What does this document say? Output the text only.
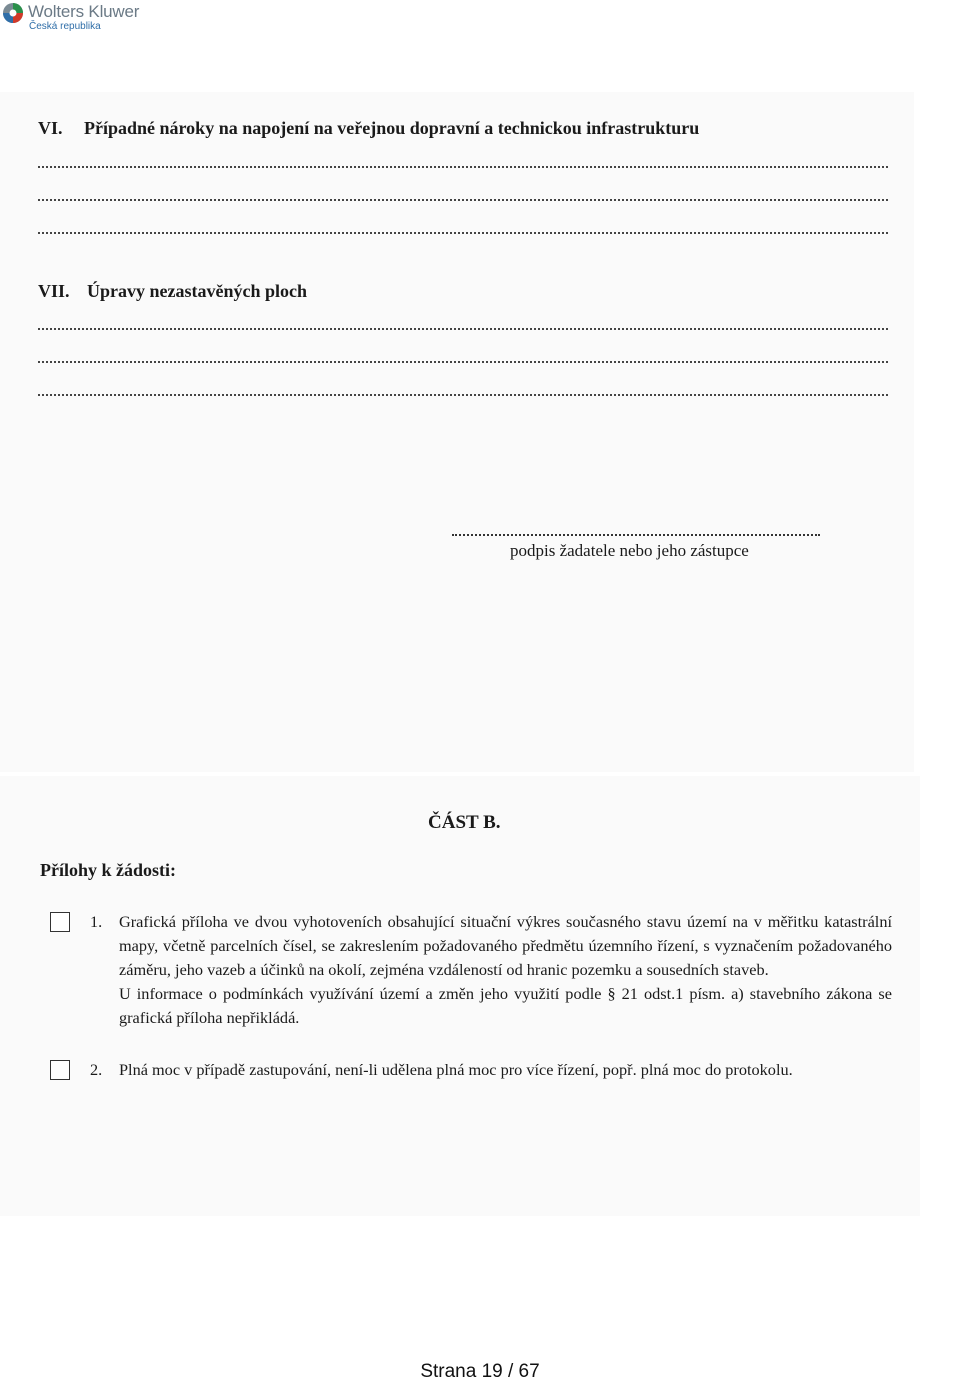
Wolters Kluwer
Česká republika
VI. Případné nároky na napojení na veřejnou dopravní a technickou infrastrukturu
VII. Úpravy nezastavěných ploch
podpis žadatele nebo jeho zástupce
ČÁST B.
Přílohy k žádosti:
1. Grafická příloha ve dvou vyhotoveních obsahující situační výkres současného stavu území na v měřitku katastrální mapy, včetně parcelních čísel, se zakreslením požadovaného předmětu územního řízení, s vyznačením požadovaného záměru, jeho vazeb a účinků na okolí, zejména vzdáleností od hranic pozemku a sousedních staveb.

U informace o podmínkách využívání území a změn jeho využití podle § 21 odst.1 písm. a) stavebního zákona se grafická příloha nepřikládá.

2. Plná moc v případě zastupování, není-li udělena plná moc pro více řízení, popř. plná moc do protokolu.

Strana 19 / 67
